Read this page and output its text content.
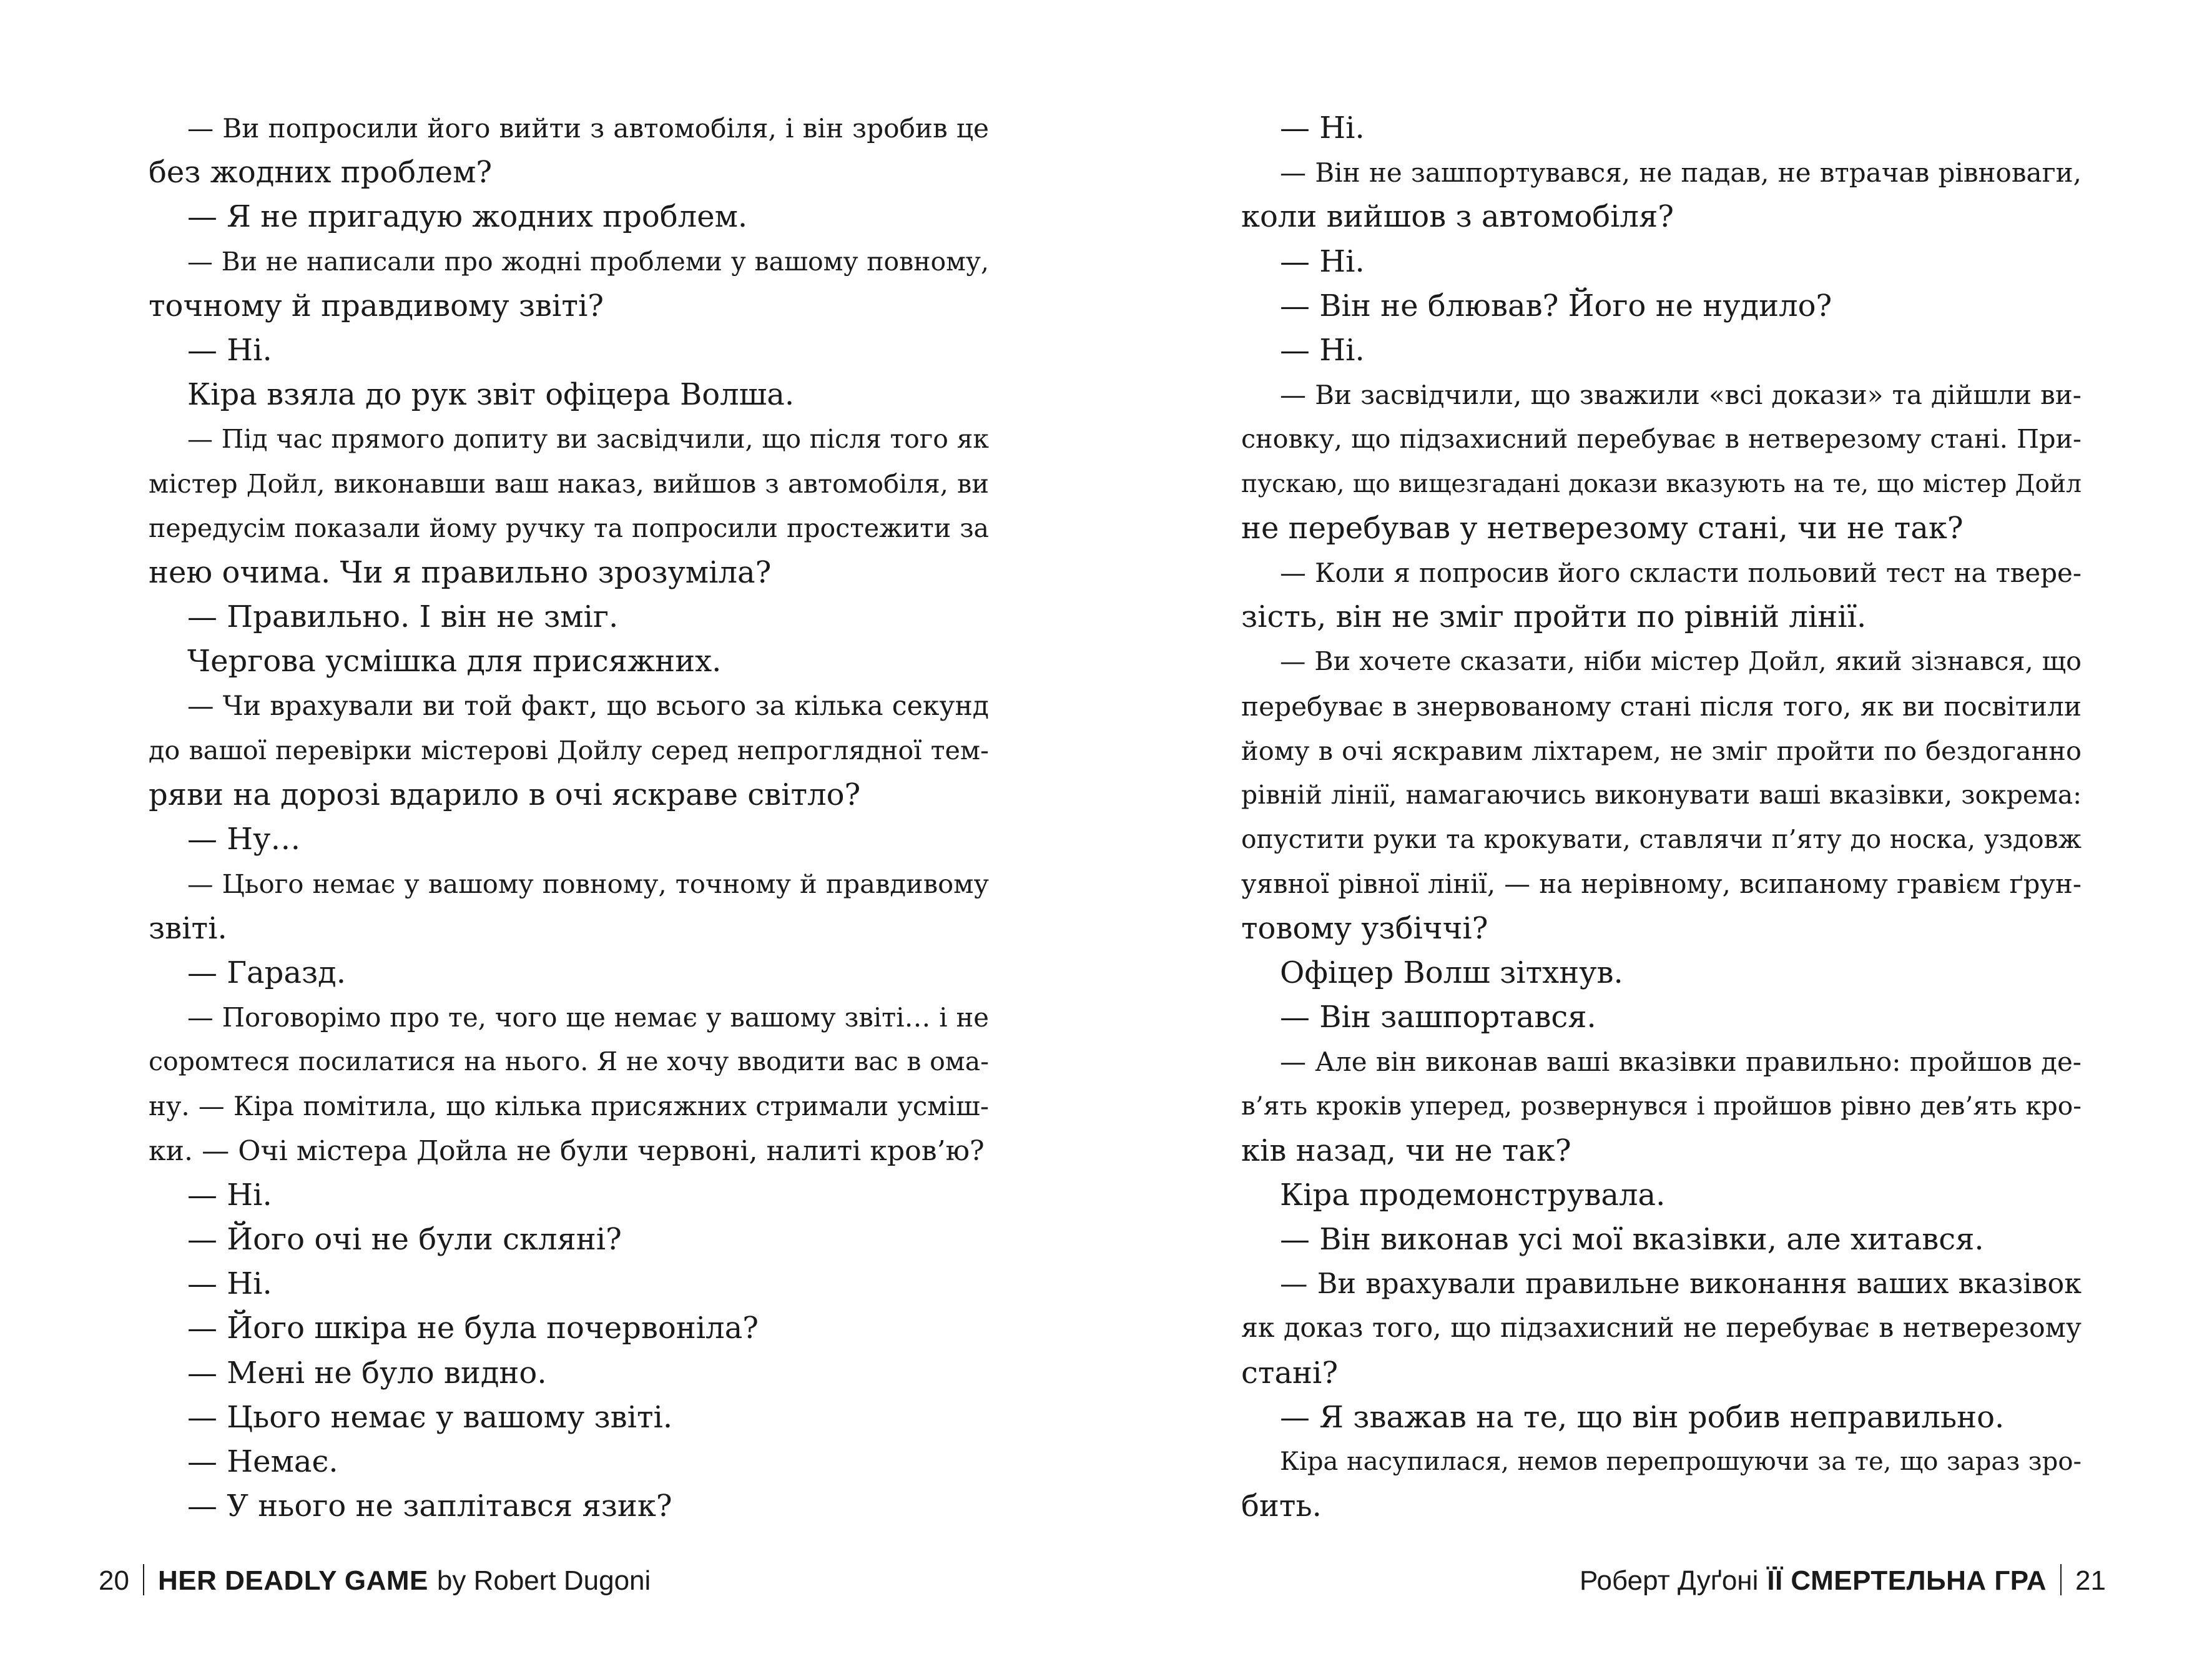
— Ви попросили його вийти з автомобіля, і він зробив це

без жодних проблем?

— Я не пригадую жодних проблем.

— Ви не написали про жодні проблеми у вашому повному,

точному й правдивому звіті?

— Ні.

Кіра взяла до рук звіт офіцера Волша.

— Під час прямого допиту ви засвідчили, що після того як

містер Дойл, виконавши ваш наказ, вийшов з автомобіля, ви

передусім показали йому ручку та попросили простежити за

нею очима. Чи я правильно зрозуміла?

— Правильно. І він не зміг.

Чергова усмішка для присяжних.

— Чи врахували ви той факт, що всього за кілька секунд

до вашої перевірки містерові Дойлу серед непроглядної тем-

ряви на дорозі вдарило в очі яскраве світло?

— Ну…

— Цього немає у вашому повному, точному й правдивому

звіті.

— Гаразд.

— Поговорімо про те, чого ще немає у вашому звіті… і не

соромтеся посилатися на нього. Я не хочу вводити вас в ома-

ну. — Кіра помітила, що кілька присяжних стримали усміш-

ки. — Очі містера Дойла не були червоні, налиті кров’ю?

— Ні.

— Його очі не були скляні?

— Ні.

— Його шкіра не була почервоніла?

— Мені не було видно.

— Цього немає у вашому звіті.

— Немає.

— У нього не заплітався язик?

20 HER DEADLY GAME by Robert Dugoni

— Ні.

— Він не зашпортувався, не падав, не втрачав рівноваги,

коли вийшов з автомобіля?

— Ні.

— Він не блював? Його не нудило?

— Ні.

— Ви засвідчили, що зважили «всі докази» та дійшли ви-

сновку, що підзахисний перебуває в нетверезому стані. При-

пускаю, що вищезгадані докази вказують на те, що містер Дойл

не перебував у нетверезому стані, чи не так?

— Коли я попросив його скласти польовий тест на твере-

зість, він не зміг пройти по рівній лінії.

— Ви хочете сказати, ніби містер Дойл, який зізнався, що

перебуває в знервованому стані після того, як ви посвітили

йому в очі яскравим ліхтарем, не зміг пройти по бездоганно

рівній лінії, намагаючись виконувати ваші вказівки, зокрема:

опустити руки та крокувати, ставлячи п’яту до носка, уздовж

уявної рівної лінії, — на нерівному, всипаному гравієм ґрун-

товому узбіччі?

Офіцер Волш зітхнув.

— Він зашпортався.

— Але він виконав ваші вказівки правильно: пройшов де-

в’ять кроків уперед, розвернувся і пройшов рівно дев’ять кро-

ків назад, чи не так?

Кіра продемонструвала.

— Він виконав усі мої вказівки, але хитався.

— Ви врахували правильне виконання ваших вказівок

як доказ того, що підзахисний не перебуває в нетверезому

стані?

— Я зважав на те, що він робив неправильно.

Кіра насупилася, немов перепрошуючи за те, що зараз зро-

бить.

Роберт Дуґоні ЇЇ СМЕРТЕЛЬНА ГРА 21
